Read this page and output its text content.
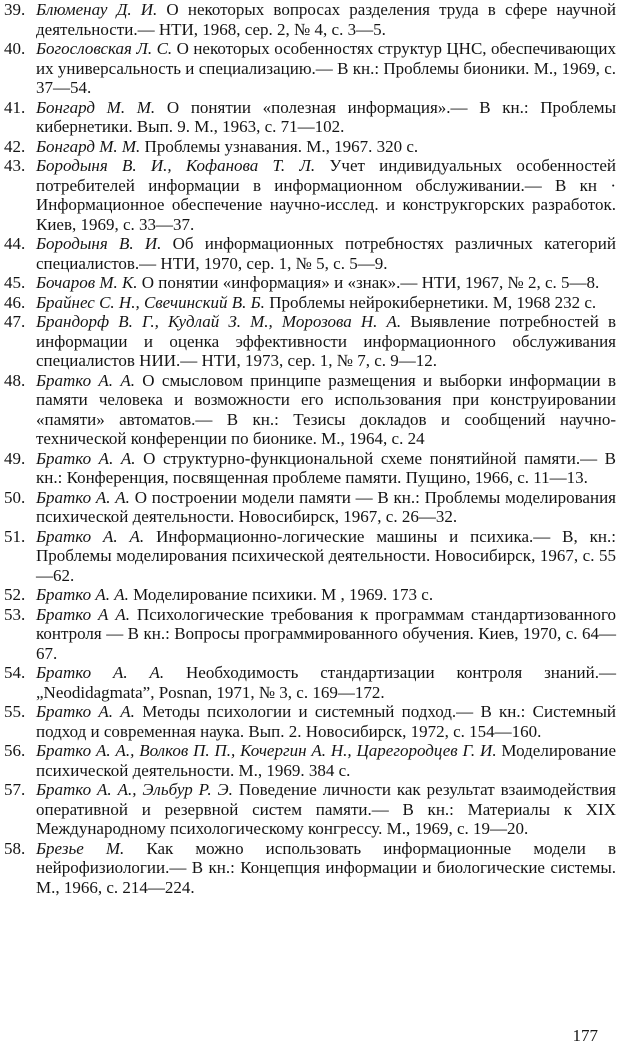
39. Блюменау Д. И. О некоторых вопросах разделения труда в сфере научной деятельности.— НТИ, 1968, сер. 2, № 4, с. 3—5.

40. Богословская Л. С. О некоторых особенностях структур ЦНС, обеспечивающих их универсальность и специализацию.— В кн.: Проблемы бионики. М., 1969, с. 37—54.

41. Бонгард М. М. О понятии «полезная информация».— В кн.: Проблемы кибернетики. Вып. 9. М., 1963, с. 71—102.

42. Бонгард М. М. Проблемы узнавания. М., 1967. 320 с.

43. Бородыня В. И., Кофанова Т. Л. Учет индивидуальных особенностей потребителей информации в информационном обслуживании.— В кн · Информационное обеспечение научно-исслед. и конструкгорских разработок. Киев, 1969, с. 33—37.

44. Бородыня В. И. Об информационных потребностях различных категорий специалистов.— НТИ, 1970, сер. 1, № 5, с. 5—9.

45. Бочаров М. К. О понятии «информация» и «знак».— НТИ, 1967, № 2, с. 5—8.

46. Брайнес С. Н., Свечинский В. Б. Проблемы нейрокибернетики. М, 1968 232 с.

47. Брандорф В. Г., Кудлай З. М., Морозова Н. А. Выявление потребностей в информации и оценка эффективности информационного обслуживания специалистов НИИ.— НТИ, 1973, сер. 1, № 7, с. 9—12.

48. Братко А. А. О смысловом принципе размещения и выборки информации в памяти человека и возможности его использования при конструировании «памяти» автоматов.— В кн.: Тезисы докладов и сообщений научно-технической конференции по бионике. М., 1964, с. 24

49. Братко А. А. О структурно-функциональной схеме понятийной памяти.— В кн.: Конференция, посвященная проблеме памяти. Пущино, 1966, с. 11—13.

50. Братко А. А. О построении модели памяти — В кн.: Проблемы моделирования психической деятельности. Новосибирск, 1967, с. 26—32.

51. Братко А. А. Информационно-логические машины и психика.— В, кн.: Проблемы моделирования психической деятельности. Новосибирск, 1967, с. 55—62.

52. Братко А. А. Моделирование психики. М , 1969. 173 с.

53. Братко А А. Психологические требования к программам стандартизованного контроля — В кн.: Вопросы программированного обучения. Киев, 1970, с. 64—67.

54. Братко А. А. Необходимость стандартизации контроля знаний.— „Neodidagmata”, Posnan, 1971, № 3, с. 169—172.

55. Братко А. А. Методы психологии и системный подход.— В кн.: Системный подход и современная наука. Вып. 2. Новосибирск, 1972, с. 154—160.

56. Братко А. А., Волков П. П., Кочергин А. Н., Царегородцев Г. И. Моделирование психической деятельности. М., 1969. 384 с.

57. Братко А. А., Эльбур Р. Э. Поведение личности как результат взаимодействия оперативной и резервной систем памяти.— В кн.: Материалы к XIX Международному психологическому конгрессу. М., 1969, с. 19—20.

58. Брезье М. Как можно использовать информационные модели в нейрофизиологии.— В кн.: Концепция информации и биологические системы. М., 1966, с. 214—224.

177
